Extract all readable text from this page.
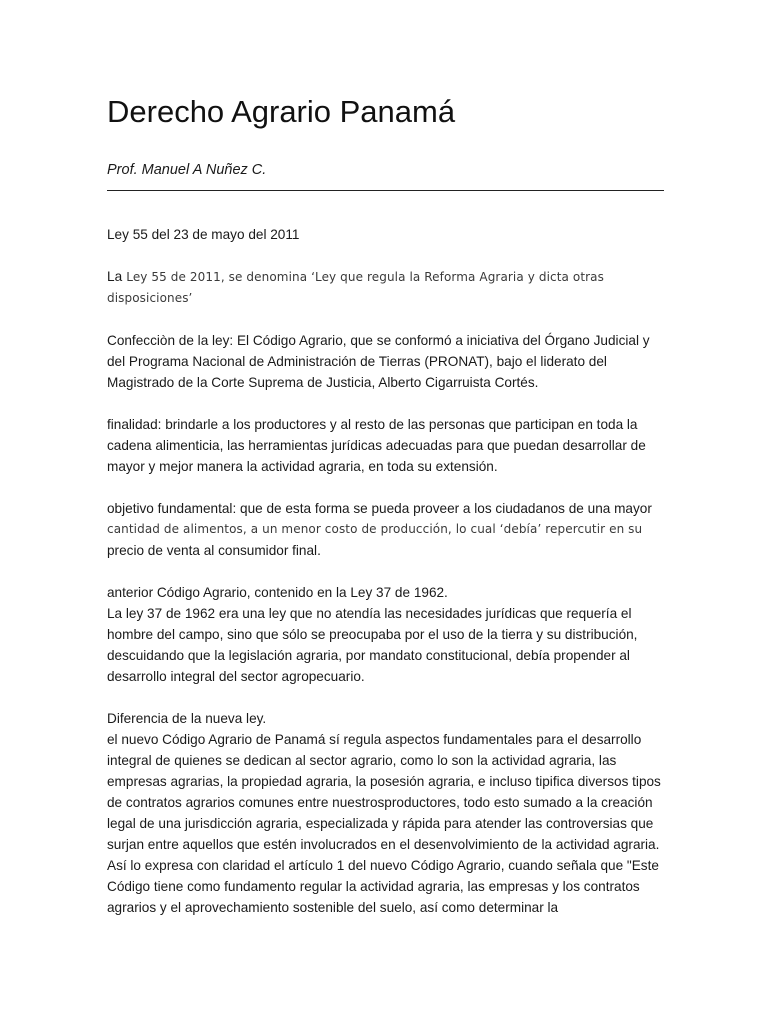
Derecho Agrario Panamá
Prof. Manuel A Nuñez C.

Ley 55 del 23 de mayo del 2011

La Ley 55 de 2011, se denomina ‘Ley que regula la Reforma Agraria y dicta otras disposiciones’

Confecciòn de la ley: El Código Agrario, que se conformó a iniciativa del Órgano Judicial y del Programa Nacional de Administración de Tierras (PRONAT), bajo el liderato del Magistrado de la Corte Suprema de Justicia, Alberto Cigarruista Cortés.

finalidad: brindarle a los productores y al resto de las personas que participan en toda la cadena alimenticia, las herramientas jurídicas adecuadas para que puedan desarrollar de mayor y mejor manera la actividad agraria, en toda su extensión.

objetivo fundamental: que de esta forma se pueda proveer a los ciudadanos de una mayor
cantidad de alimentos, a un menor costo de producción, lo cual ‘debía’ repercutir en su
precio de venta al consumidor final.

anterior Código Agrario, contenido en la Ley 37 de 1962.
La ley 37 de 1962 era una ley que no atendía las necesidades jurídicas que requería el hombre del campo, sino que sólo se preocupaba por el uso de la tierra y su distribución, descuidando que la legislación agraria, por mandato constitucional, debía propender al desarrollo integral del sector agropecuario.

Diferencia de la nueva ley.
el nuevo Código Agrario de Panamá sí regula aspectos fundamentales para el desarrollo integral de quienes se dedican al sector agrario, como lo son la actividad agraria, las empresas agrarias, la propiedad agraria, la posesión agraria, e incluso tipifica diversos tipos de contratos agrarios comunes entre nuestrosproductores, todo esto sumado a la creación legal de una jurisdicción agraria, especializada y rápida para atender las controversias que surjan entre aquellos que estén involucrados en el desenvolvimiento de la actividad agraria.

Así lo expresa con claridad el artículo 1 del nuevo Código Agrario, cuando señala que "Este Código tiene como fundamento regular la actividad agraria, las empresas y los contratos agrarios y el aprovechamiento sostenible del suelo, así como determinar la
